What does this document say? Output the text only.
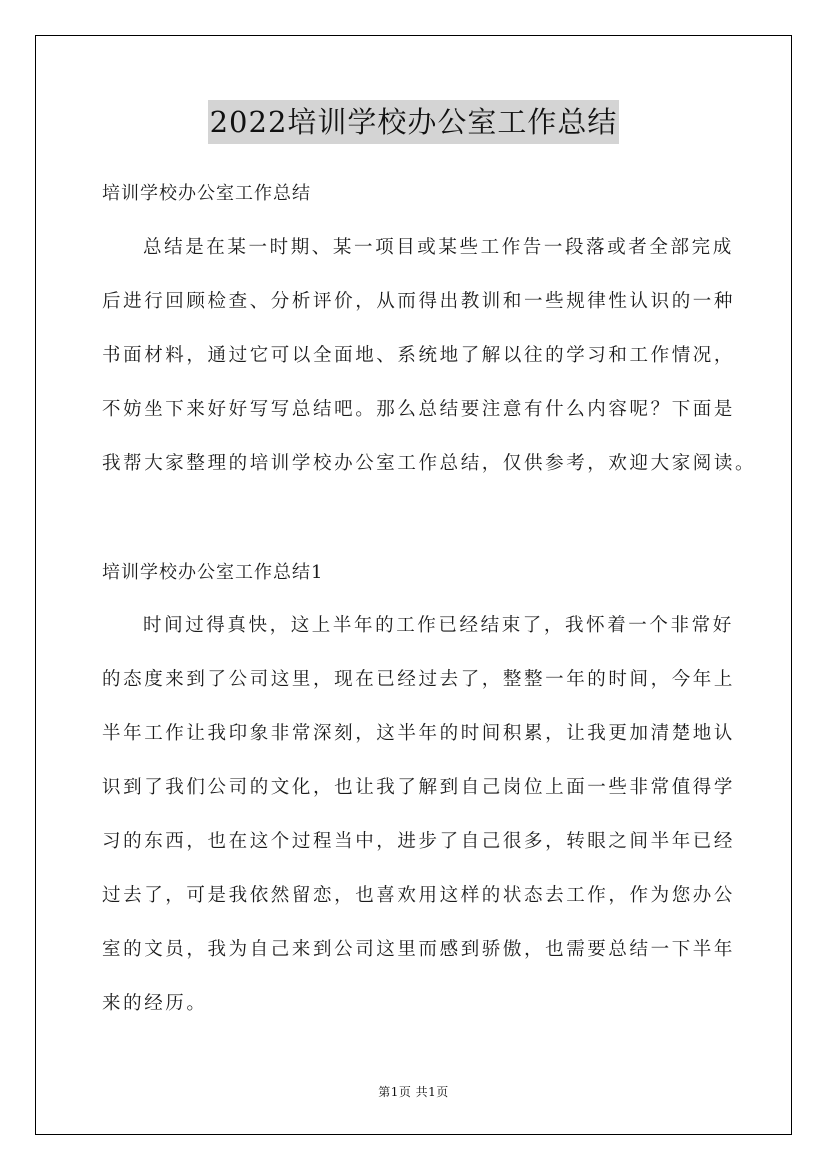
2022培训学校办公室工作总结
培训学校办公室工作总结
总结是在某一时期、某一项目或某些工作告一段落或者全部完成
后进行回顾检查、分析评价，从而得出教训和一些规律性认识的一种
书面材料，通过它可以全面地、系统地了解以往的学习和工作情况，
不妨坐下来好好写写总结吧。那么总结要注意有什么内容呢？下面是
我帮大家整理的培训学校办公室工作总结，仅供参考，欢迎大家阅读。
培训学校办公室工作总结1
时间过得真快，这上半年的工作已经结束了，我怀着一个非常好
的态度来到了公司这里，现在已经过去了，整整一年的时间，今年上
半年工作让我印象非常深刻，这半年的时间积累，让我更加清楚地认
识到了我们公司的文化，也让我了解到自己岗位上面一些非常值得学
习的东西，也在这个过程当中，进步了自己很多，转眼之间半年已经
过去了，可是我依然留恋，也喜欢用这样的状态去工作，作为您办公
室的文员，我为自己来到公司这里而感到骄傲，也需要总结一下半年
来的经历。
第1页 共1页
